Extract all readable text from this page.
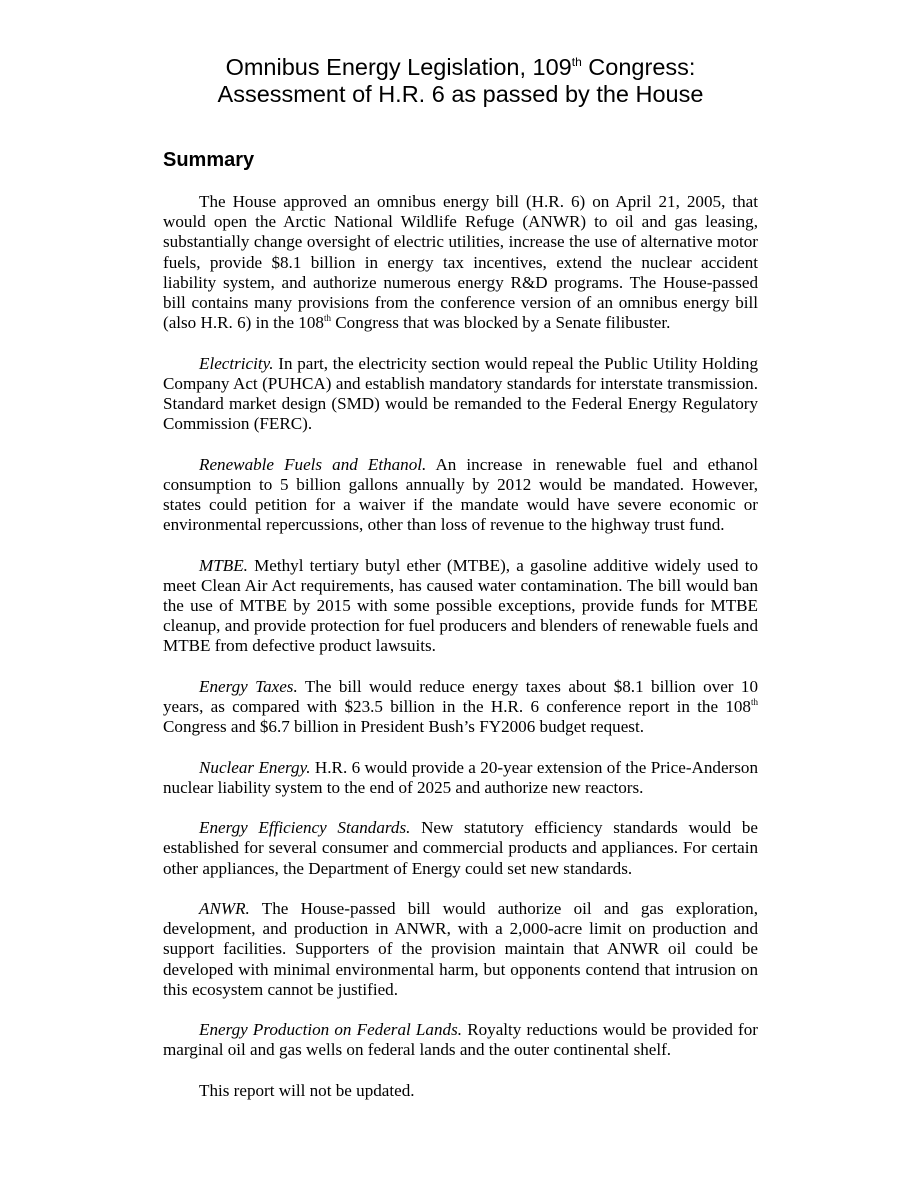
Omnibus Energy Legislation, 109th Congress:
Assessment of H.R. 6 as passed by the House
Summary

The House approved an omnibus energy bill (H.R. 6) on April 21, 2005, that would open the Arctic National Wildlife Refuge (ANWR) to oil and gas leasing, substantially change oversight of electric utilities, increase the use of alternative motor fuels, provide $8.1 billion in energy tax incentives, extend the nuclear accident liability system, and authorize numerous energy R&D programs. The House-passed bill contains many provisions from the conference version of an omnibus energy bill (also H.R. 6) in the 108th Congress that was blocked by a Senate filibuster.

Electricity. In part, the electricity section would repeal the Public Utility Holding Company Act (PUHCA) and establish mandatory standards for interstate transmission. Standard market design (SMD) would be remanded to the Federal Energy Regulatory Commission (FERC).

Renewable Fuels and Ethanol. An increase in renewable fuel and ethanol consumption to 5 billion gallons annually by 2012 would be mandated. However, states could petition for a waiver if the mandate would have severe economic or environmental repercussions, other than loss of revenue to the highway trust fund.

MTBE. Methyl tertiary butyl ether (MTBE), a gasoline additive widely used to meet Clean Air Act requirements, has caused water contamination. The bill would ban the use of MTBE by 2015 with some possible exceptions, provide funds for MTBE cleanup, and provide protection for fuel producers and blenders of renewable fuels and MTBE from defective product lawsuits.

Energy Taxes. The bill would reduce energy taxes about $8.1 billion over 10 years, as compared with $23.5 billion in the H.R. 6 conference report in the 108th Congress and $6.7 billion in President Bush’s FY2006 budget request.

Nuclear Energy. H.R. 6 would provide a 20-year extension of the Price-Anderson nuclear liability system to the end of 2025 and authorize new reactors.

Energy Efficiency Standards. New statutory efficiency standards would be established for several consumer and commercial products and appliances. For certain other appliances, the Department of Energy could set new standards.

ANWR. The House-passed bill would authorize oil and gas exploration, development, and production in ANWR, with a 2,000-acre limit on production and support facilities. Supporters of the provision maintain that ANWR oil could be developed with minimal environmental harm, but opponents contend that intrusion on this ecosystem cannot be justified.

Energy Production on Federal Lands. Royalty reductions would be provided for marginal oil and gas wells on federal lands and the outer continental shelf.

This report will not be updated.
